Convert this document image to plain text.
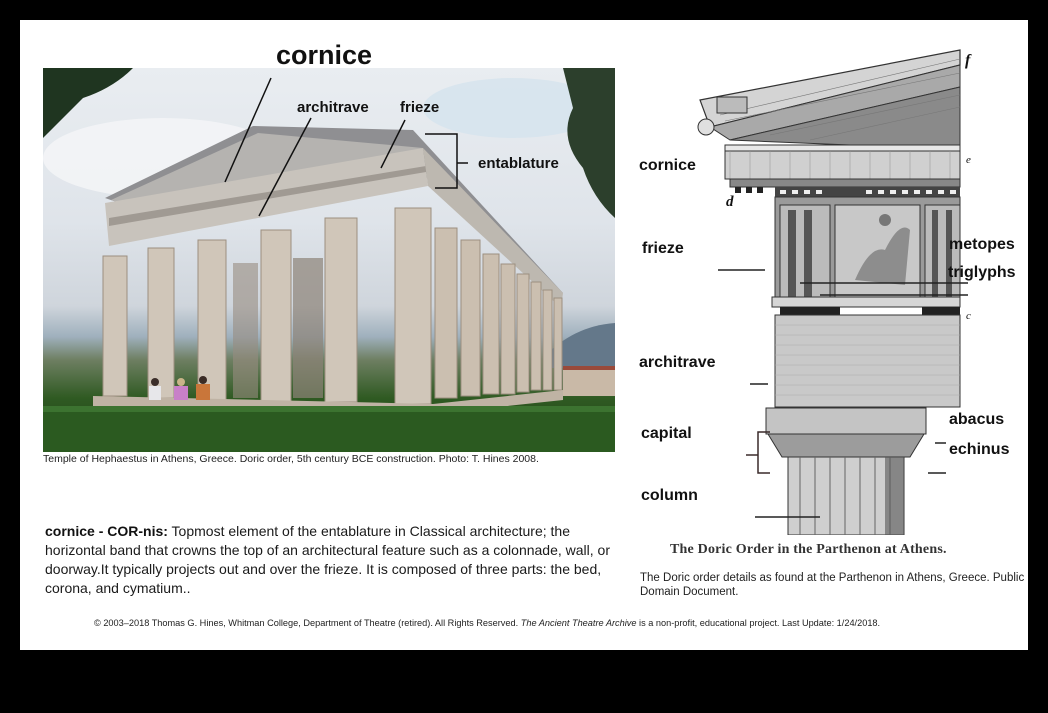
cornice
architrave frieze
entablature
Temple of Hephaestus in Athens, Greece. Doric order, 5th century BCE construction. Photo: T. Hines 2008.
cornice - COR-nis: Topmost element of the entablature in Classical architecture; the horizontal band that crowns the top of an architectural feature such as a colonnade, wall, or doorway.It typically projects out and over the frieze. It is composed of three parts: the bed, corona, and cymatium..
cornice
frieze	metopes
triglyphs
architrave
capital
abacus
echinus
column
f
e
d
c
The Doric Order in the Parthenon at Athens.
The Doric order details as found at the Parthenon in Athens, Greece. Public Domain Document.
© 2003–2018 Thomas G. Hines, Whitman College, Department of Theatre (retired). All Rights Reserved. The Ancient Theatre Archive is a non-profit, educational project. Last Update: 1/24/2018.
